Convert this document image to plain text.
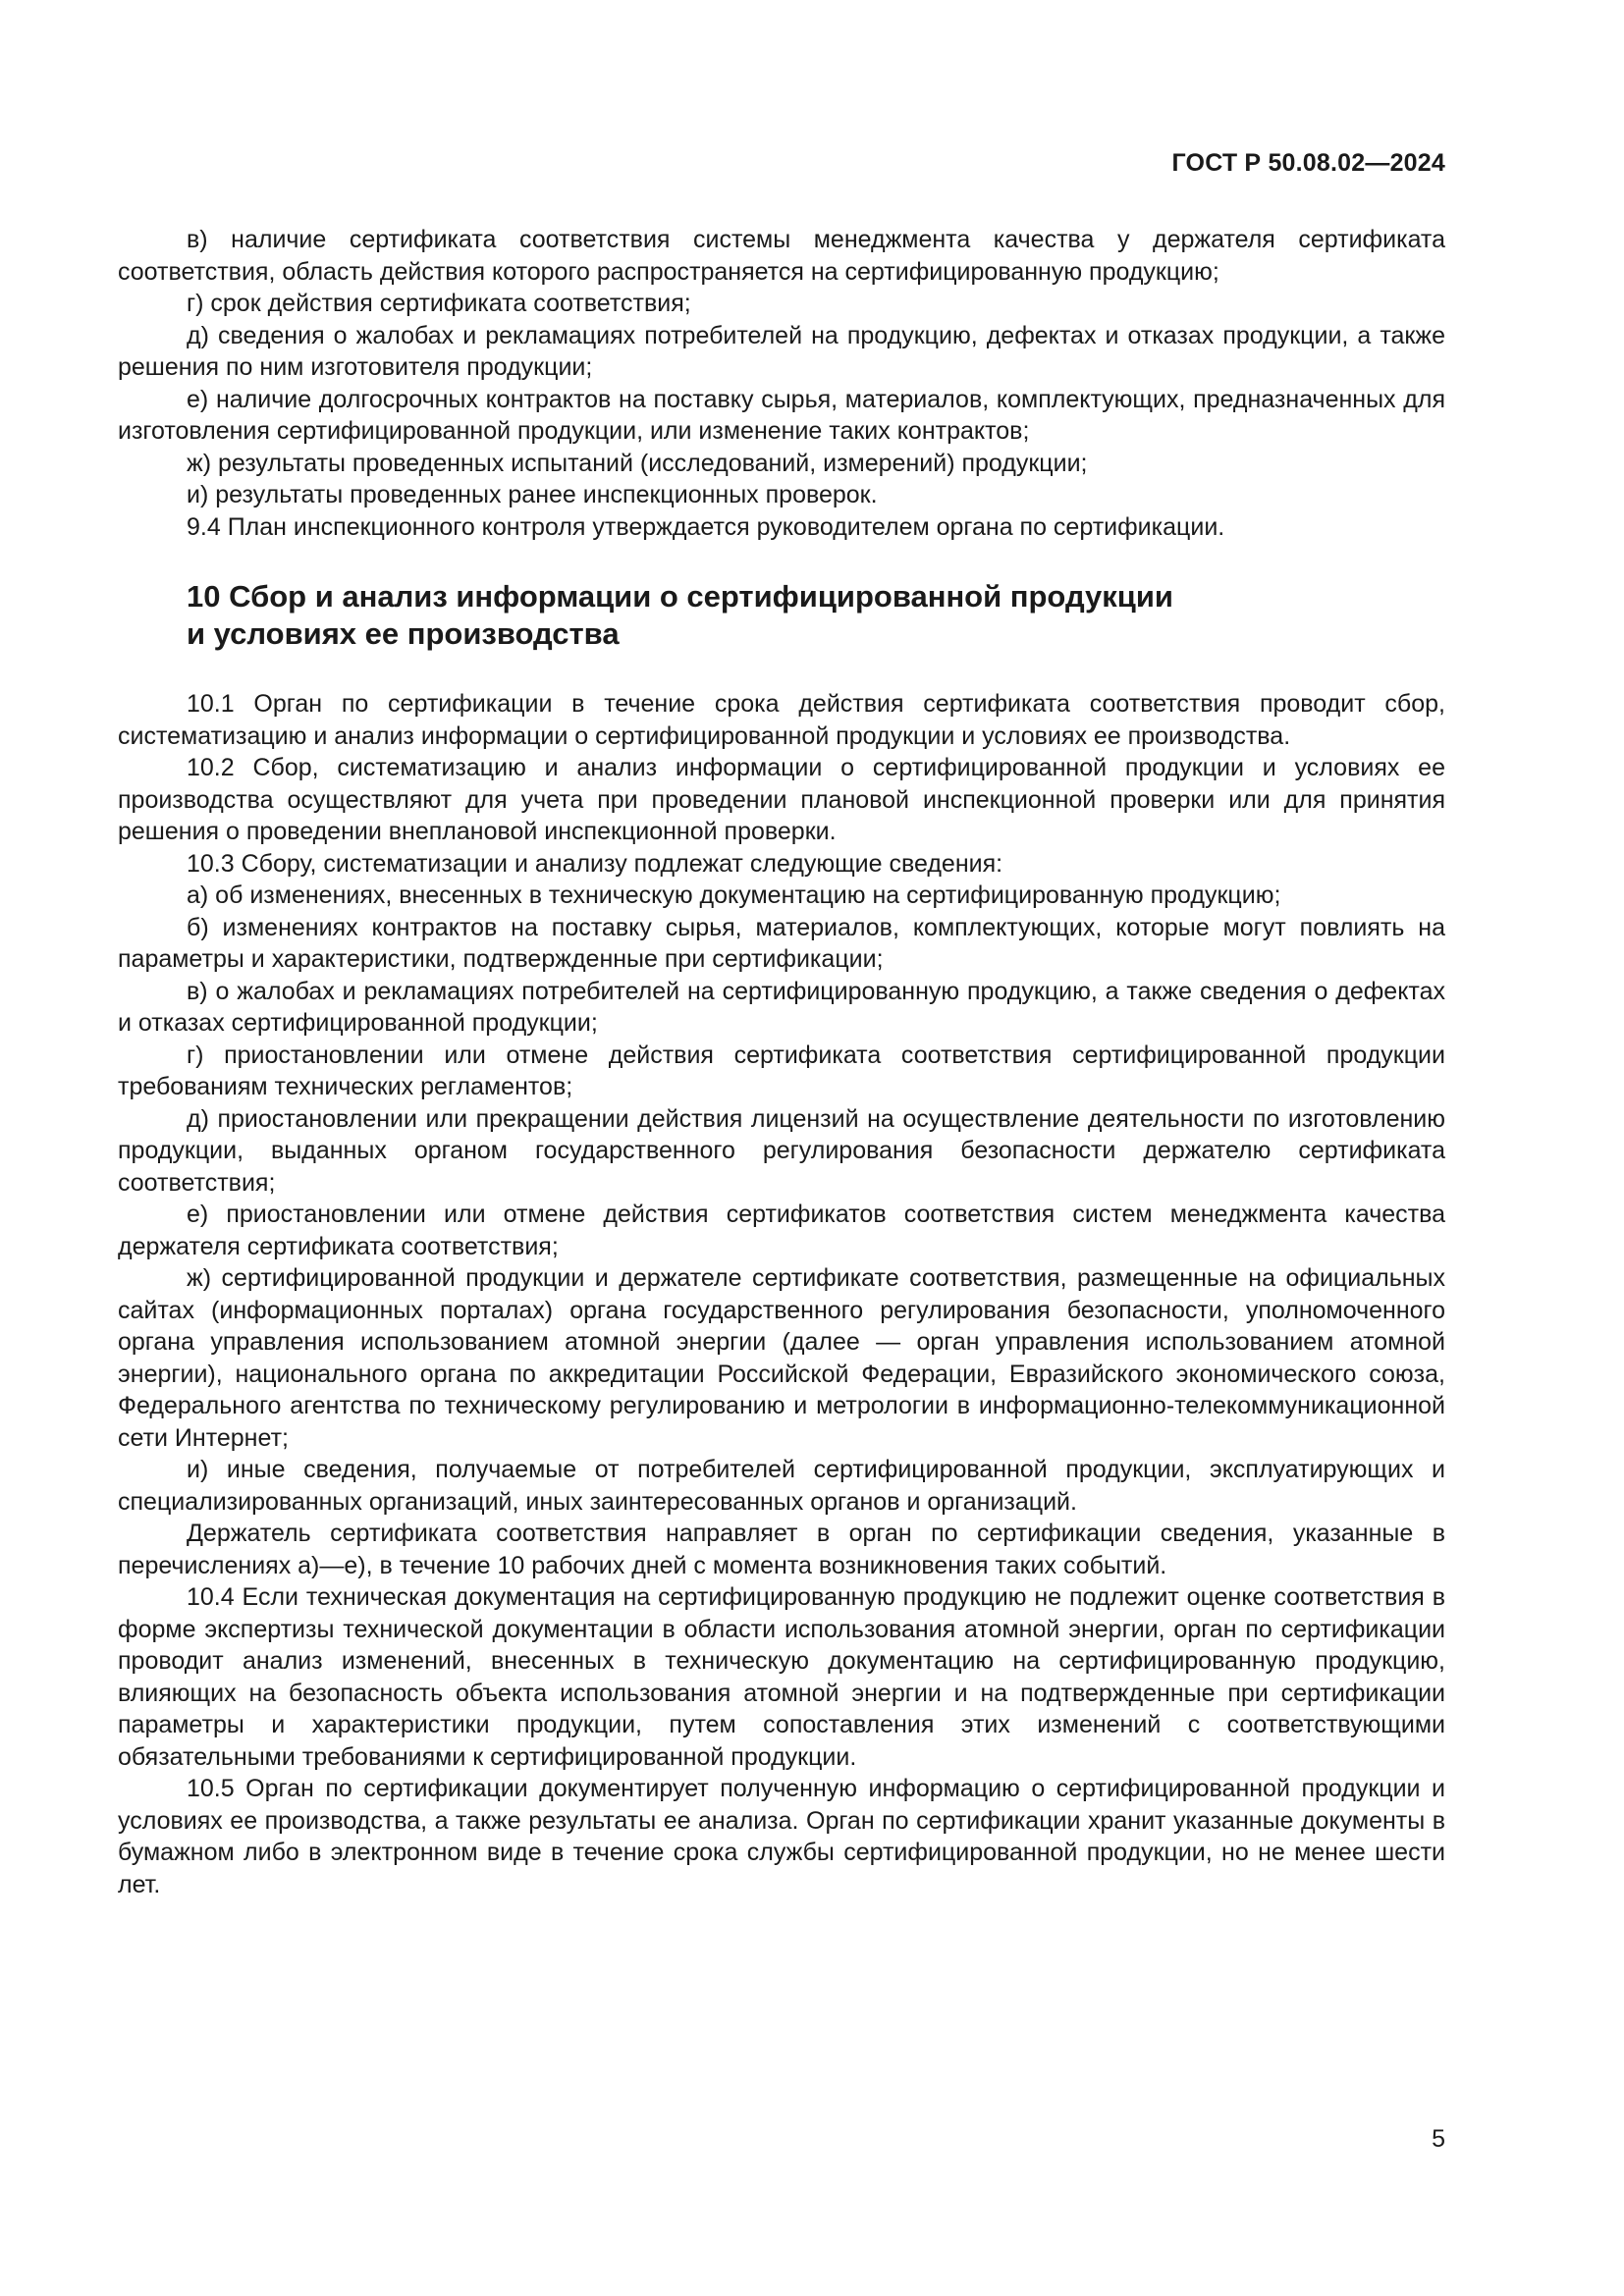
ГОСТ Р 50.08.02—2024

в) наличие сертификата соответствия системы менеджмента качества у держателя сертификата соответствия, область действия которого распространяется на сертифицированную продукцию;

г) срок действия сертификата соответствия;

д) сведения о жалобах и рекламациях потребителей на продукцию, дефектах и отказах продукции, а также решения по ним изготовителя продукции;

е) наличие долгосрочных контрактов на поставку сырья, материалов, комплектующих, предназначенных для изготовления сертифицированной продукции, или изменение таких контрактов;

ж) результаты проведенных испытаний (исследований, измерений) продукции;

и) результаты проведенных ранее инспекционных проверок.

9.4 План инспекционного контроля утверждается руководителем органа по сертификации.

10 Сбор и анализ информации о сертифицированной продукции
и условиях ее производства

10.1 Орган по сертификации в течение срока действия сертификата соответствия проводит сбор, систематизацию и анализ информации о сертифицированной продукции и условиях ее производства.

10.2 Сбор, систематизацию и анализ информации о сертифицированной продукции и условиях ее производства осуществляют для учета при проведении плановой инспекционной проверки или для принятия решения о проведении внеплановой инспекционной проверки.

10.3 Сбору, систематизации и анализу подлежат следующие сведения:

а) об изменениях, внесенных в техническую документацию на сертифицированную продукцию;

б) изменениях контрактов на поставку сырья, материалов, комплектующих, которые могут повлиять на параметры и характеристики, подтвержденные при сертификации;

в) о жалобах и рекламациях потребителей на сертифицированную продукцию, а также сведения о дефектах и отказах сертифицированной продукции;

г) приостановлении или отмене действия сертификата соответствия сертифицированной продукции требованиям технических регламентов;

д) приостановлении или прекращении действия лицензий на осуществление деятельности по изготовлению продукции, выданных органом государственного регулирования безопасности держателю сертификата соответствия;

е) приостановлении или отмене действия сертификатов соответствия систем менеджмента качества держателя сертификата соответствия;

ж) сертифицированной продукции и держателе сертификате соответствия, размещенные на официальных сайтах (информационных порталах) органа государственного регулирования безопасности, уполномоченного органа управления использованием атомной энергии (далее — орган управления использованием атомной энергии), национального органа по аккредитации Российской Федерации, Евразийского экономического союза, Федерального агентства по техническому регулированию и метрологии в информационно-телекоммуникационной сети Интернет;

и) иные сведения, получаемые от потребителей сертифицированной продукции, эксплуатирующих и специализированных организаций, иных заинтересованных органов и организаций.

Держатель сертификата соответствия направляет в орган по сертификации сведения, указанные в перечислениях а)—е), в течение 10 рабочих дней с момента возникновения таких событий.

10.4 Если техническая документация на сертифицированную продукцию не подлежит оценке соответствия в форме экспертизы технической документации в области использования атомной энергии, орган по сертификации проводит анализ изменений, внесенных в техническую документацию на сертифицированную продукцию, влияющих на безопасность объекта использования атомной энергии и на подтвержденные при сертификации параметры и характеристики продукции, путем сопоставления этих изменений с соответствующими обязательными требованиями к сертифицированной продукции.

10.5 Орган по сертификации документирует полученную информацию о сертифицированной продукции и условиях ее производства, а также результаты ее анализа. Орган по сертификации хранит указанные документы в бумажном либо в электронном виде в течение срока службы сертифицированной продукции, но не менее шести лет.

5
